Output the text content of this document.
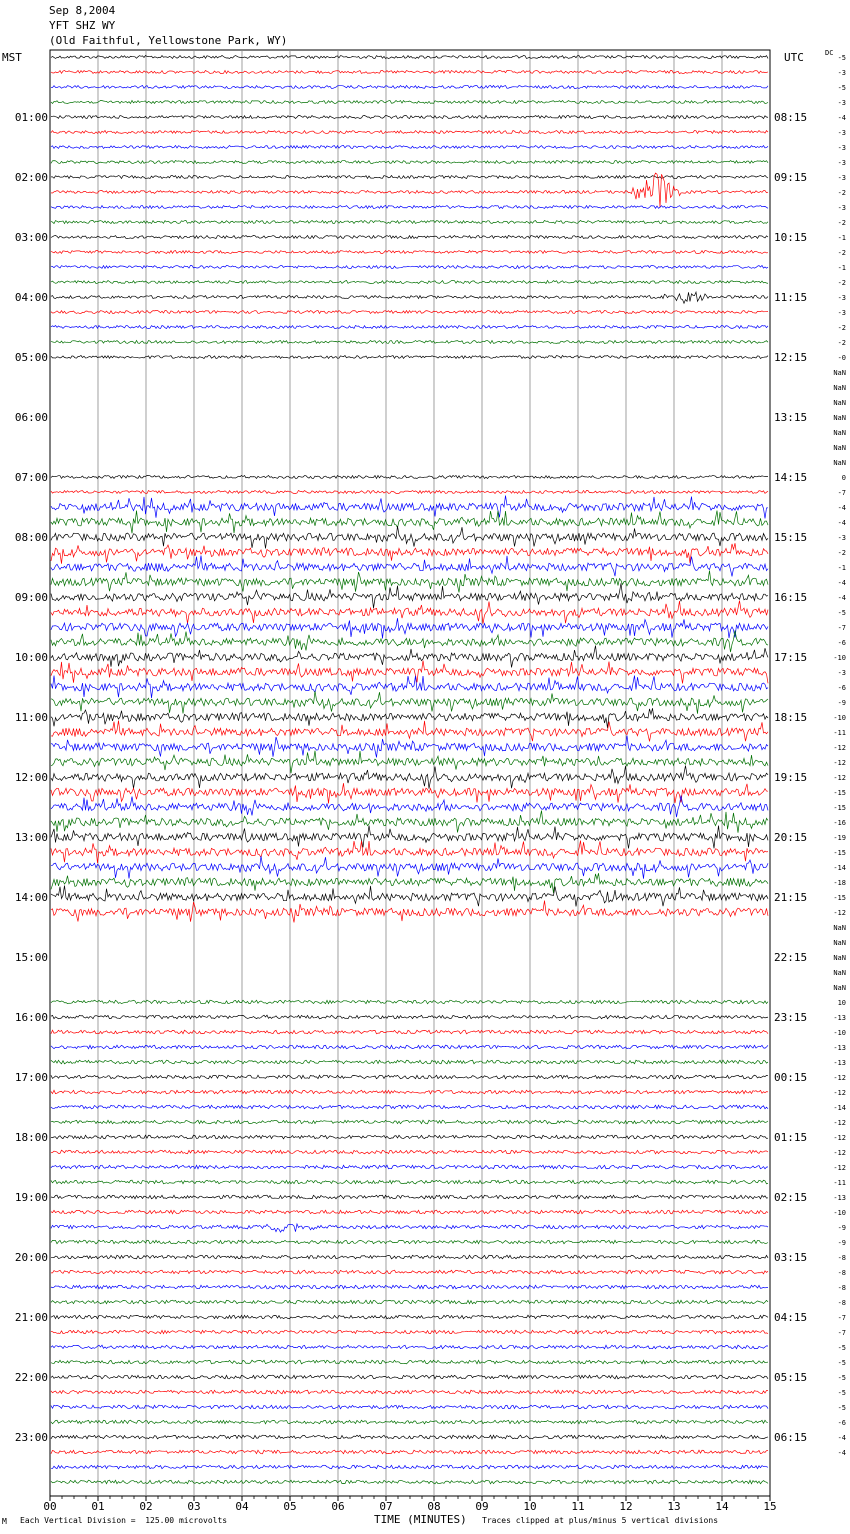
Sep 8,2004
YFT SHZ WY
(Old Faithful, Yellowstone Park, WY)
MST	UTC
01:00
02:00
03:00
04:00
05:00
06:00
07:00
08:00
09:00
10:00
11:00
12:00
13:00
14:00
15:00
16:00
17:00
18:00
19:00
20:00
21:00
22:00
23:00
08:15
09:15
10:15
11:15
12:15
13:15
14:15
15:15
16:15
17:15
18:15
19:15
20:15
21:15
22:15
23:15
00:15
01:15
02:15
03:15
04:15
05:15
06:15
DC
-5
-3
-5
-3
-4
-3
-3
-3
-3
-2
-3
-2
-1
-2
-1
-2
-3
-3
-2
-2
-0
NaN
NaN
NaN
NaN
NaN
NaN
NaN
0
-7
-4
-4
-3
-2
-1
-4
-4
-5
-7
-6
-10
-3
-6
-9
-10
-11
-12
-12
-12
-15
-15
-16
-19
-15
-14
-18
-15
-12
NaN
NaN
NaN
NaN
NaN
10
-13
-10
-13
-13
-12
-12
-14
-12
-12
-12
-12
-11
-13
-10
-9
-9
-8
-8
-8
-8
-7
-7
-5
-5
-5
-5
-5
-6
-4
-4
00	01	02	03	04	05	06	07	08	09	10	11	12	13	14	15
M Each Vertical Division =  125.00 microvolts	TIME (MINUTES) Traces clipped at plus/minus 5 vertical divisions
